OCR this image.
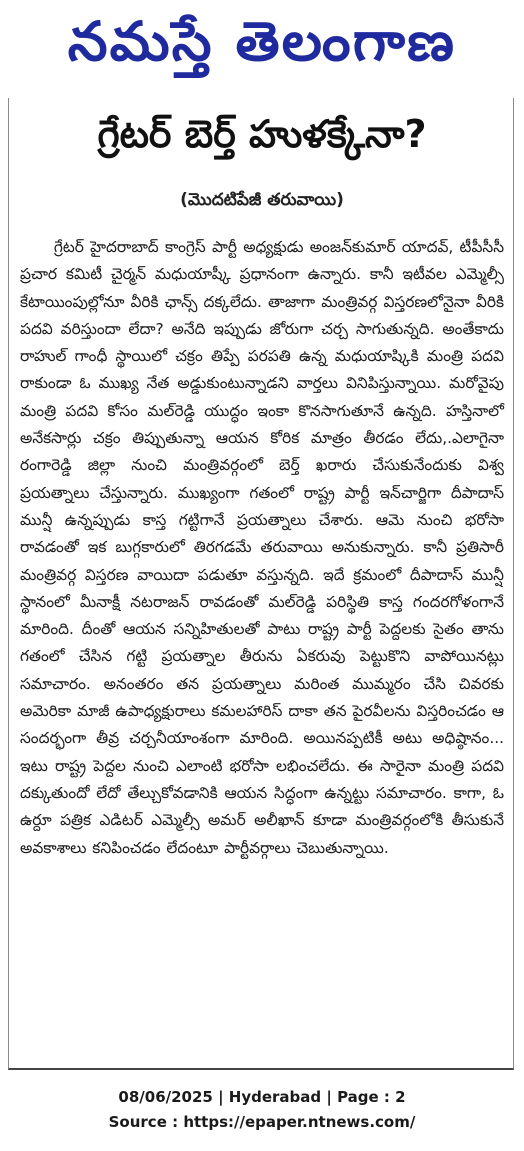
నమస్తే తెలంగాణ
గ్రేటర్ బెర్త్ హుళక్కేనా?
(మొదటిపేజీ తరువాయి)

గ్రేటర్ హైదరాబాద్ కాంగ్రెస్ పార్టీ అధ్యక్షుడు అంజన్‌కుమార్ యాదవ్, టీపీసీసీ ప్రచార కమిటీ చైర్మన్ మధుయాష్కీ ప్రధానంగా ఉన్నారు. కానీ ఇటీవల ఎమ్మెల్సీ కేటాయింపుల్లోనూ వీరికి ఛాన్స్ దక్కలేదు. తాజాగా మంత్రివర్గ విస్తరణలోనైనా వీరికి పదవి వరిస్తుందా లేదా? అనేది ఇప్పుడు జోరుగా చర్చ సాగుతున్నది. అంతేకాదు రాహుల్ గాంధీ స్థాయిలో చక్రం తిప్పే పరపతి ఉన్న మధుయాష్కికి మంత్రి పదవి రాకుండా ఓ ముఖ్య నేత అడ్డుకుంటున్నాడని వార్తలు వినిపిస్తున్నాయి. మరోవైపు మంత్రి పదవి కోసం మల్‌రెడ్డి యుద్ధం ఇంకా కొనసాగుతూనే ఉన్నది. హస్తినాలో అనేకసార్లు చక్రం తిప్పుతున్నా ఆయన కోరిక మాత్రం తీరడం లేదు,.ఎలాగైనా రంగారెడ్డి జిల్లా నుంచి మంత్రివర్గంలో బెర్త్ ఖరారు చేసుకునేందుకు విశ్వ ప్రయత్నాలు చేస్తున్నారు. ముఖ్యంగా గతంలో రాష్ట్ర పార్టీ ఇన్‌చార్జిగా దీపాదాస్ మున్షీ ఉన్నప్పుడు కాస్త గట్టిగానే ప్రయత్నాలు చేశారు. ఆమె నుంచి భరోసా రావడంతో ఇక బుగ్గకారులో తిరగడమే తరువాయి అనుకున్నారు. కానీ ప్రతిసారీ మంత్రివర్గ విస్తరణ వాయిదా పడుతూ వస్తున్నది. ఇదే క్రమంలో దీపాదాస్ మున్షీ స్థానంలో మీనాక్షీ నటరాజన్ రావడంతో మల్‌రెడ్డి పరిస్థితి కాస్త గందరగోళంగానే మారింది. దీంతో ఆయన సన్నిహితులతో పాటు రాష్ట్ర పార్టీ పెద్దలకు సైతం తాను గతంలో చేసిన గట్టి ప్రయత్నాల తీరును ఏకరువు పెట్టుకొని వాపోయినట్లు సమాచారం. అనంతరం తన ప్రయత్నాలు మరింత ముమ్మరం చేసి చివరకు అమెరికా మాజీ ఉపాధ్యక్షురాలు కమలహారిస్ దాకా తన పైరవీలను విస్తరించడం ఆ సందర్భంగా తీవ్ర చర్చనీయాంశంగా మారింది. అయినప్పటికీ అటు అధిష్ఠానం... ఇటు రాష్ట్ర పెద్దల నుంచి ఎలాంటి భరోసా లభించలేదు. ఈ సారైనా మంత్రి పదవి దక్కుతుందో లేదో తేల్చుకోవడానికి ఆయన సిద్ధంగా ఉన్నట్టు సమాచారం. కాగా, ఓ ఉర్దూ పత్రిక ఎడిటర్ ఎమ్మెల్సీ అమర్ అలీఖాన్ కూడా మంత్రివర్గంలోకి తీసుకునే అవకాశాలు కనిపించడం లేదంటూ పార్టీవర్గాలు చెబుతున్నాయి.

08/06/2025 | Hyderabad | Page : 2
Source : https://epaper.ntnews.com/
